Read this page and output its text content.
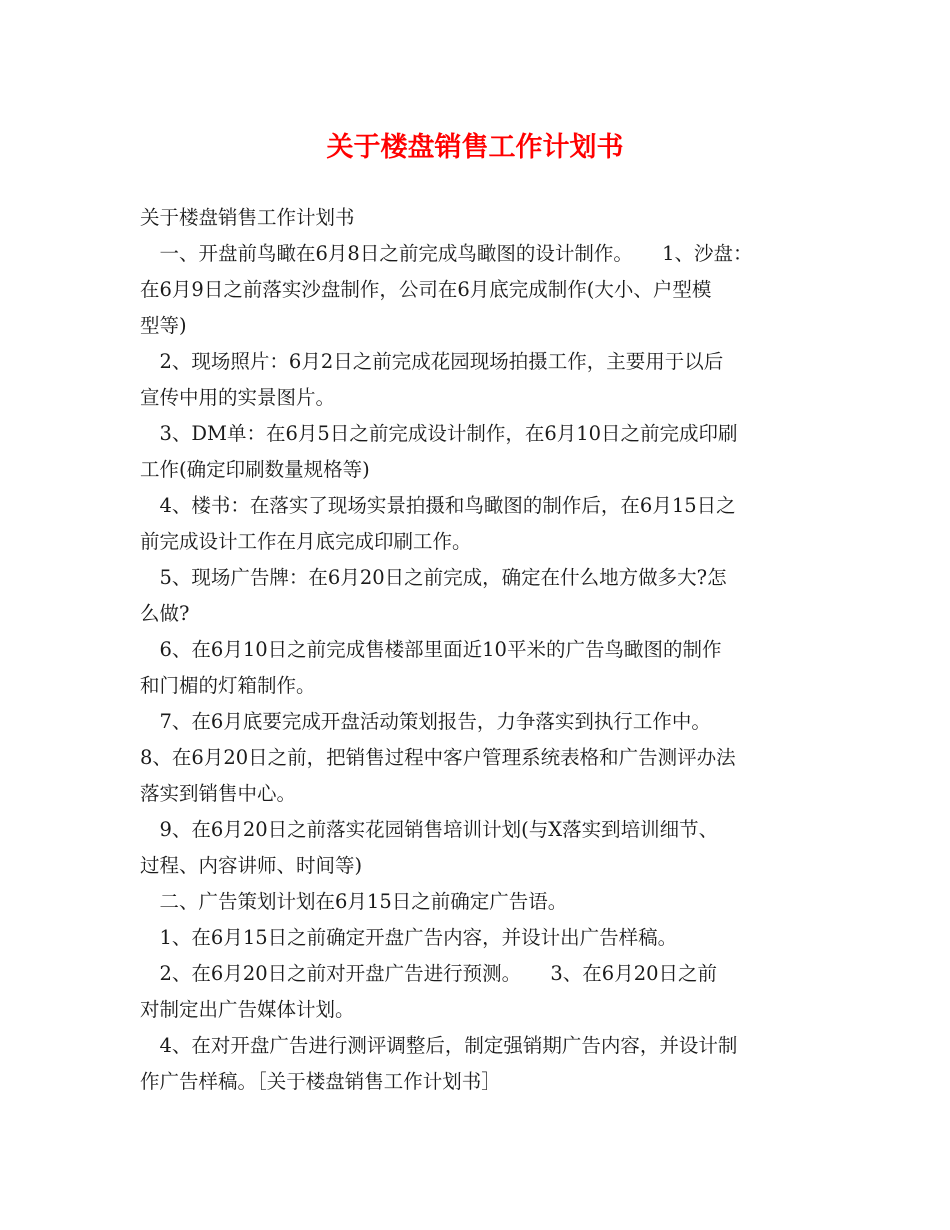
关于楼盘销售工作计划书

关于楼盘销售工作计划书

　一、开盘前鸟瞰在6月8日之前完成鸟瞰图的设计制作。　　1、沙盘：

在6月9日之前落实沙盘制作，公司在6月底完成制作(大小、户型模

型等)

　2、现场照片：6月2日之前完成花园现场拍摄工作，主要用于以后

宣传中用的实景图片。

　3、DM单：在6月5日之前完成设计制作，在6月10日之前完成印刷

工作(确定印刷数量规格等)

　4、楼书：在落实了现场实景拍摄和鸟瞰图的制作后，在6月15日之

前完成设计工作在月底完成印刷工作。

　5、现场广告牌：在6月20日之前完成，确定在什么地方做多大?怎

么做?

　6、在6月10日之前完成售楼部里面近10平米的广告鸟瞰图的制作

和门楣的灯箱制作。

　7、在6月底要完成开盘活动策划报告，力争落实到执行工作中。

8、在6月20日之前，把销售过程中客户管理系统表格和广告测评办法

落实到销售中心。

　9、在6月20日之前落实花园销售培训计划(与X落实到培训细节、

过程、内容讲师、时间等)

　二、广告策划计划在6月15日之前确定广告语。

　1、在6月15日之前确定开盘广告内容，并设计出广告样稿。

　2、在6月20日之前对开盘广告进行预测。　　3、在6月20日之前

对制定出广告媒体计划。

　4、在对开盘广告进行测评调整后，制定强销期广告内容，并设计制

作广告样稿。［关于楼盘销售工作计划书］
